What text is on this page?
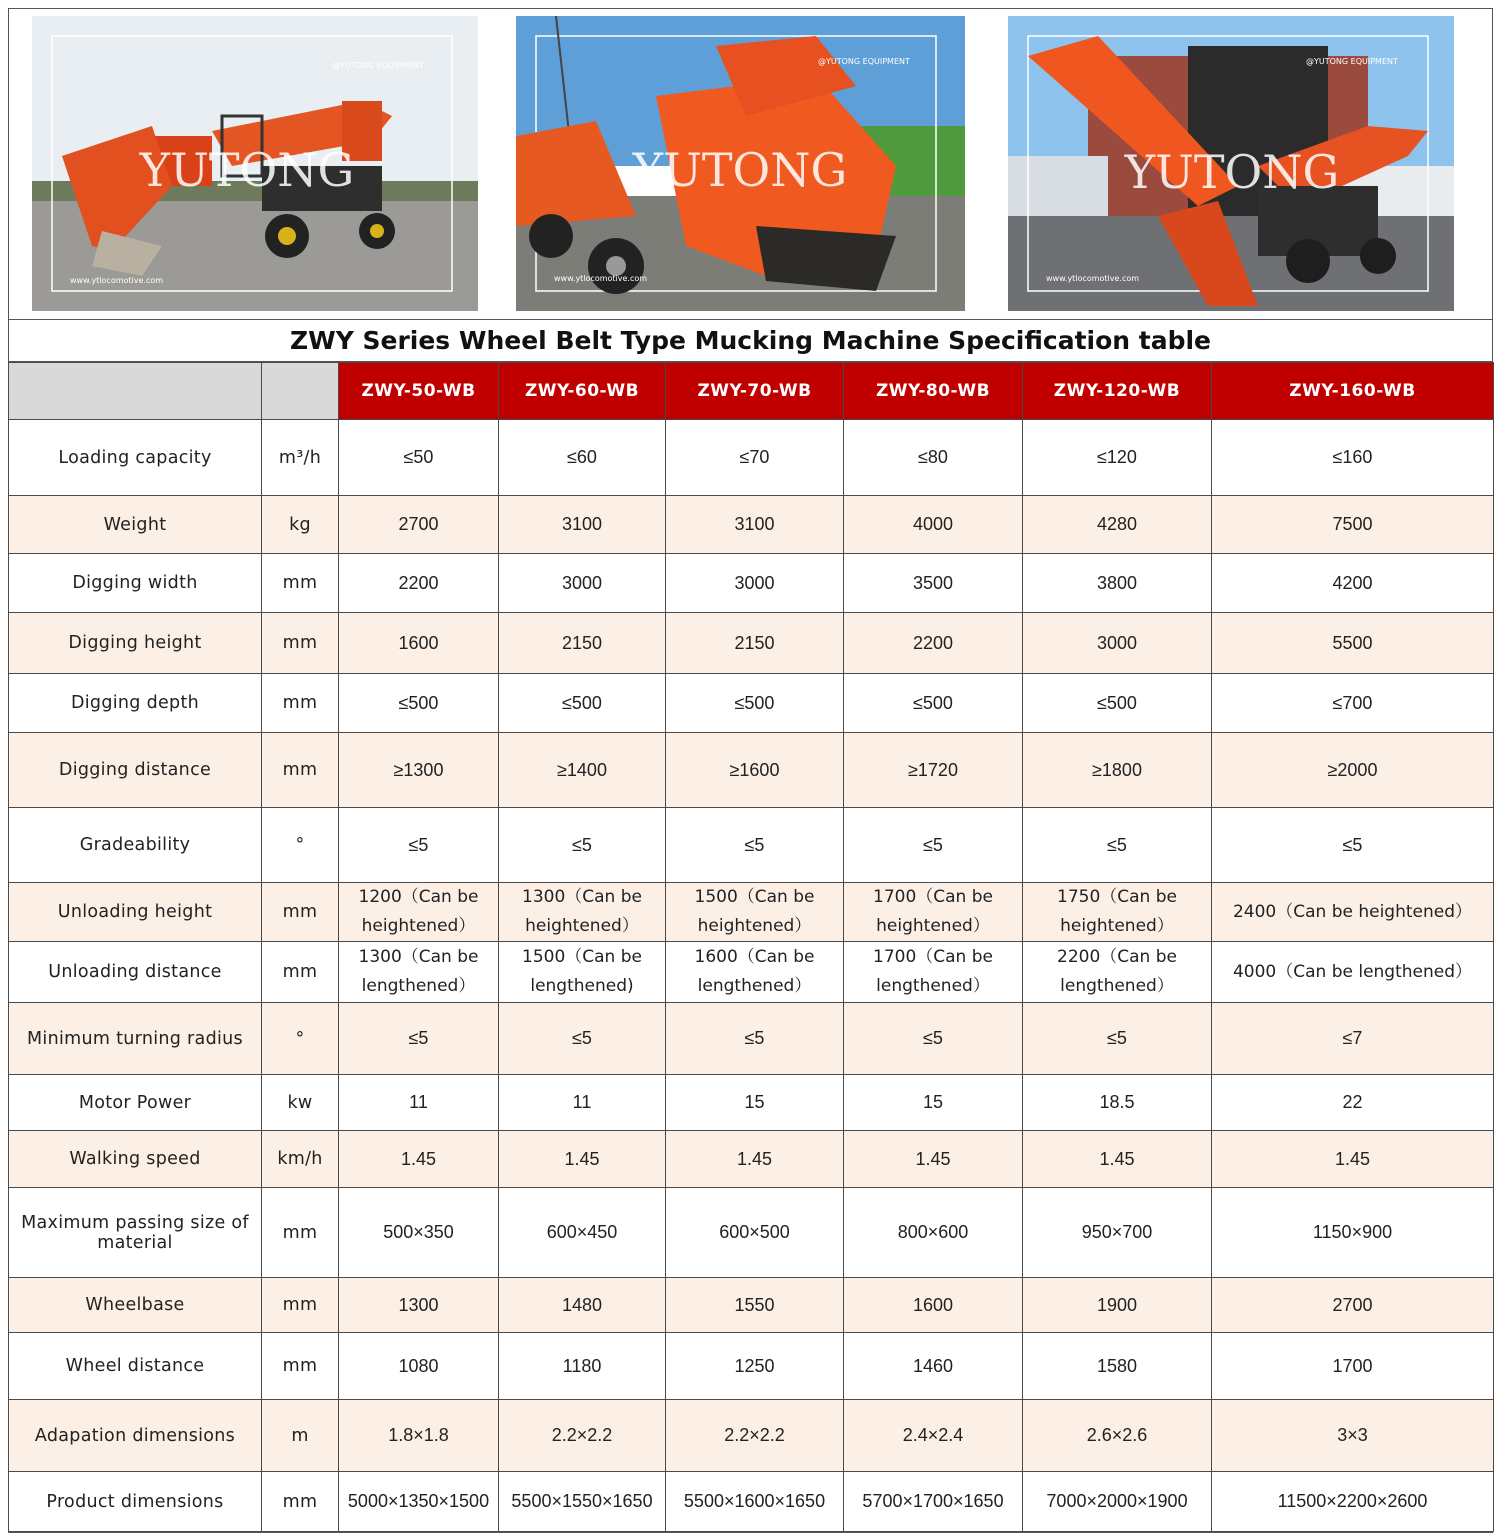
YUTONG
www.ytlocomotive.com
@YUTONG EQUIPMENT
YUTONG
www.ytlocomotive.com
@YUTONG EQUIPMENT
YUTONG
www.ytlocomotive.com
@YUTONG EQUIPMENT
ZWY Series Wheel Belt Type Mucking Machine Specification table
		ZWY-50-WB	ZWY-60-WB	ZWY-70-WB	ZWY-80-WB	ZWY-120-WB	ZWY-160-WB
Loading capacity	m³/h	≤50	≤60	≤70	≤80	≤120	≤160
Weight	kg	2700	3100	3100	4000	4280	7500
Digging width	mm	2200	3000	3000	3500	3800	4200
Digging height	mm	1600	2150	2150	2200	3000	5500
Digging depth	mm	≤500	≤500	≤500	≤500	≤500	≤700
Digging distance	mm	≥1300	≥1400	≥1600	≥1720	≥1800	≥2000
Gradeability	°	≤5	≤5	≤5	≤5	≤5	≤5
Unloading height	mm	1200（Can be heightened）	1300（Can be heightened）	1500（Can be heightened）	1700（Can be heightened）	1750（Can be heightened）	2400（Can be heightened）
Unloading distance	mm	1300（Can be lengthened）	1500（Can be lengthened)	1600（Can be lengthened）	1700（Can be lengthened）	2200（Can be lengthened）	4000（Can be lengthened）
Minimum turning radius	°	≤5	≤5	≤5	≤5	≤5	≤7
Motor Power	kw	11	11	15	15	18.5	22
Walking speed	km/h	1.45	1.45	1.45	1.45	1.45	1.45
Maximum passing size of material	mm	500×350	600×450	600×500	800×600	950×700	1150×900
Wheelbase	mm	1300	1480	1550	1600	1900	2700
Wheel distance	mm	1080	1180	1250	1460	1580	1700
Adapation dimensions	m	1.8×1.8	2.2×2.2	2.2×2.2	2.4×2.4	2.6×2.6	3×3
Product dimensions	mm	5000×1350×1500	5500×1550×1650	5500×1600×1650	5700×1700×1650	7000×2000×1900	11500×2200×2600
